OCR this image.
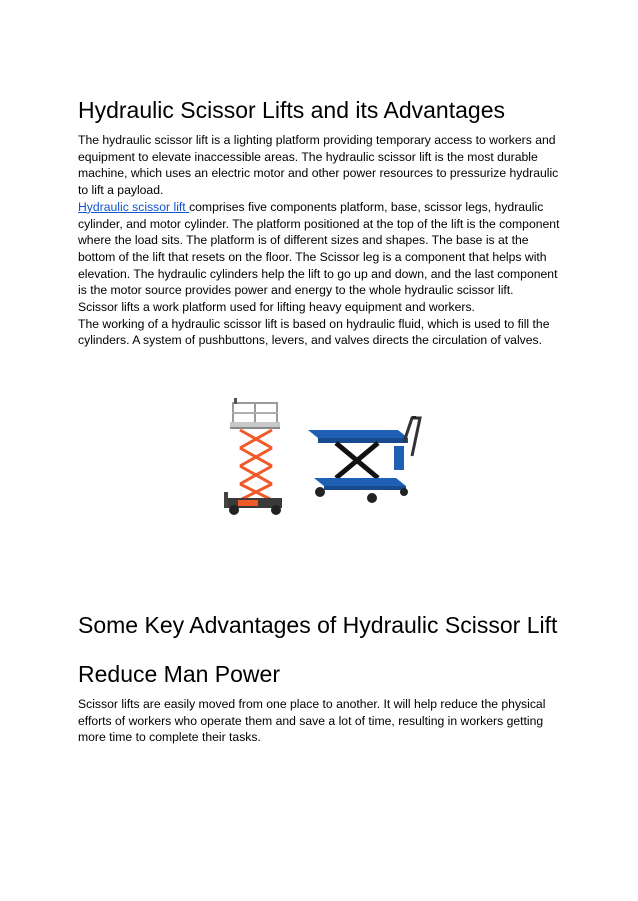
Hydraulic Scissor Lifts and its Advantages

The hydraulic scissor lift is a lighting platform providing temporary access to workers and equipment to elevate inaccessible areas. The hydraulic scissor lift is the most durable machine, which uses an electric motor and other power resources to pressurize hydraulic to lift a payload.

Hydraulic scissor lift comprises five components platform, base, scissor legs, hydraulic cylinder, and motor cylinder. The platform positioned at the top of the lift is the component where the load sits. The platform is of different sizes and shapes. The base is at the bottom of the lift that resets on the floor. The Scissor leg is a component that helps with elevation. The hydraulic cylinders help the lift to go up and down, and the last component is the motor source provides power and energy to the whole hydraulic scissor lift.

Scissor lifts a work platform used for lifting heavy equipment and workers.

The working of a hydraulic scissor lift is based on hydraulic fluid, which is used to fill the cylinders. A system of pushbuttons, levers, and valves directs the circulation of valves.

Some Key Advantages of Hydraulic Scissor Lift
Reduce Man Power

Scissor lifts are easily moved from one place to another. It will help reduce the physical efforts of workers who operate them and save a lot of time, resulting in workers getting more time to complete their tasks.
